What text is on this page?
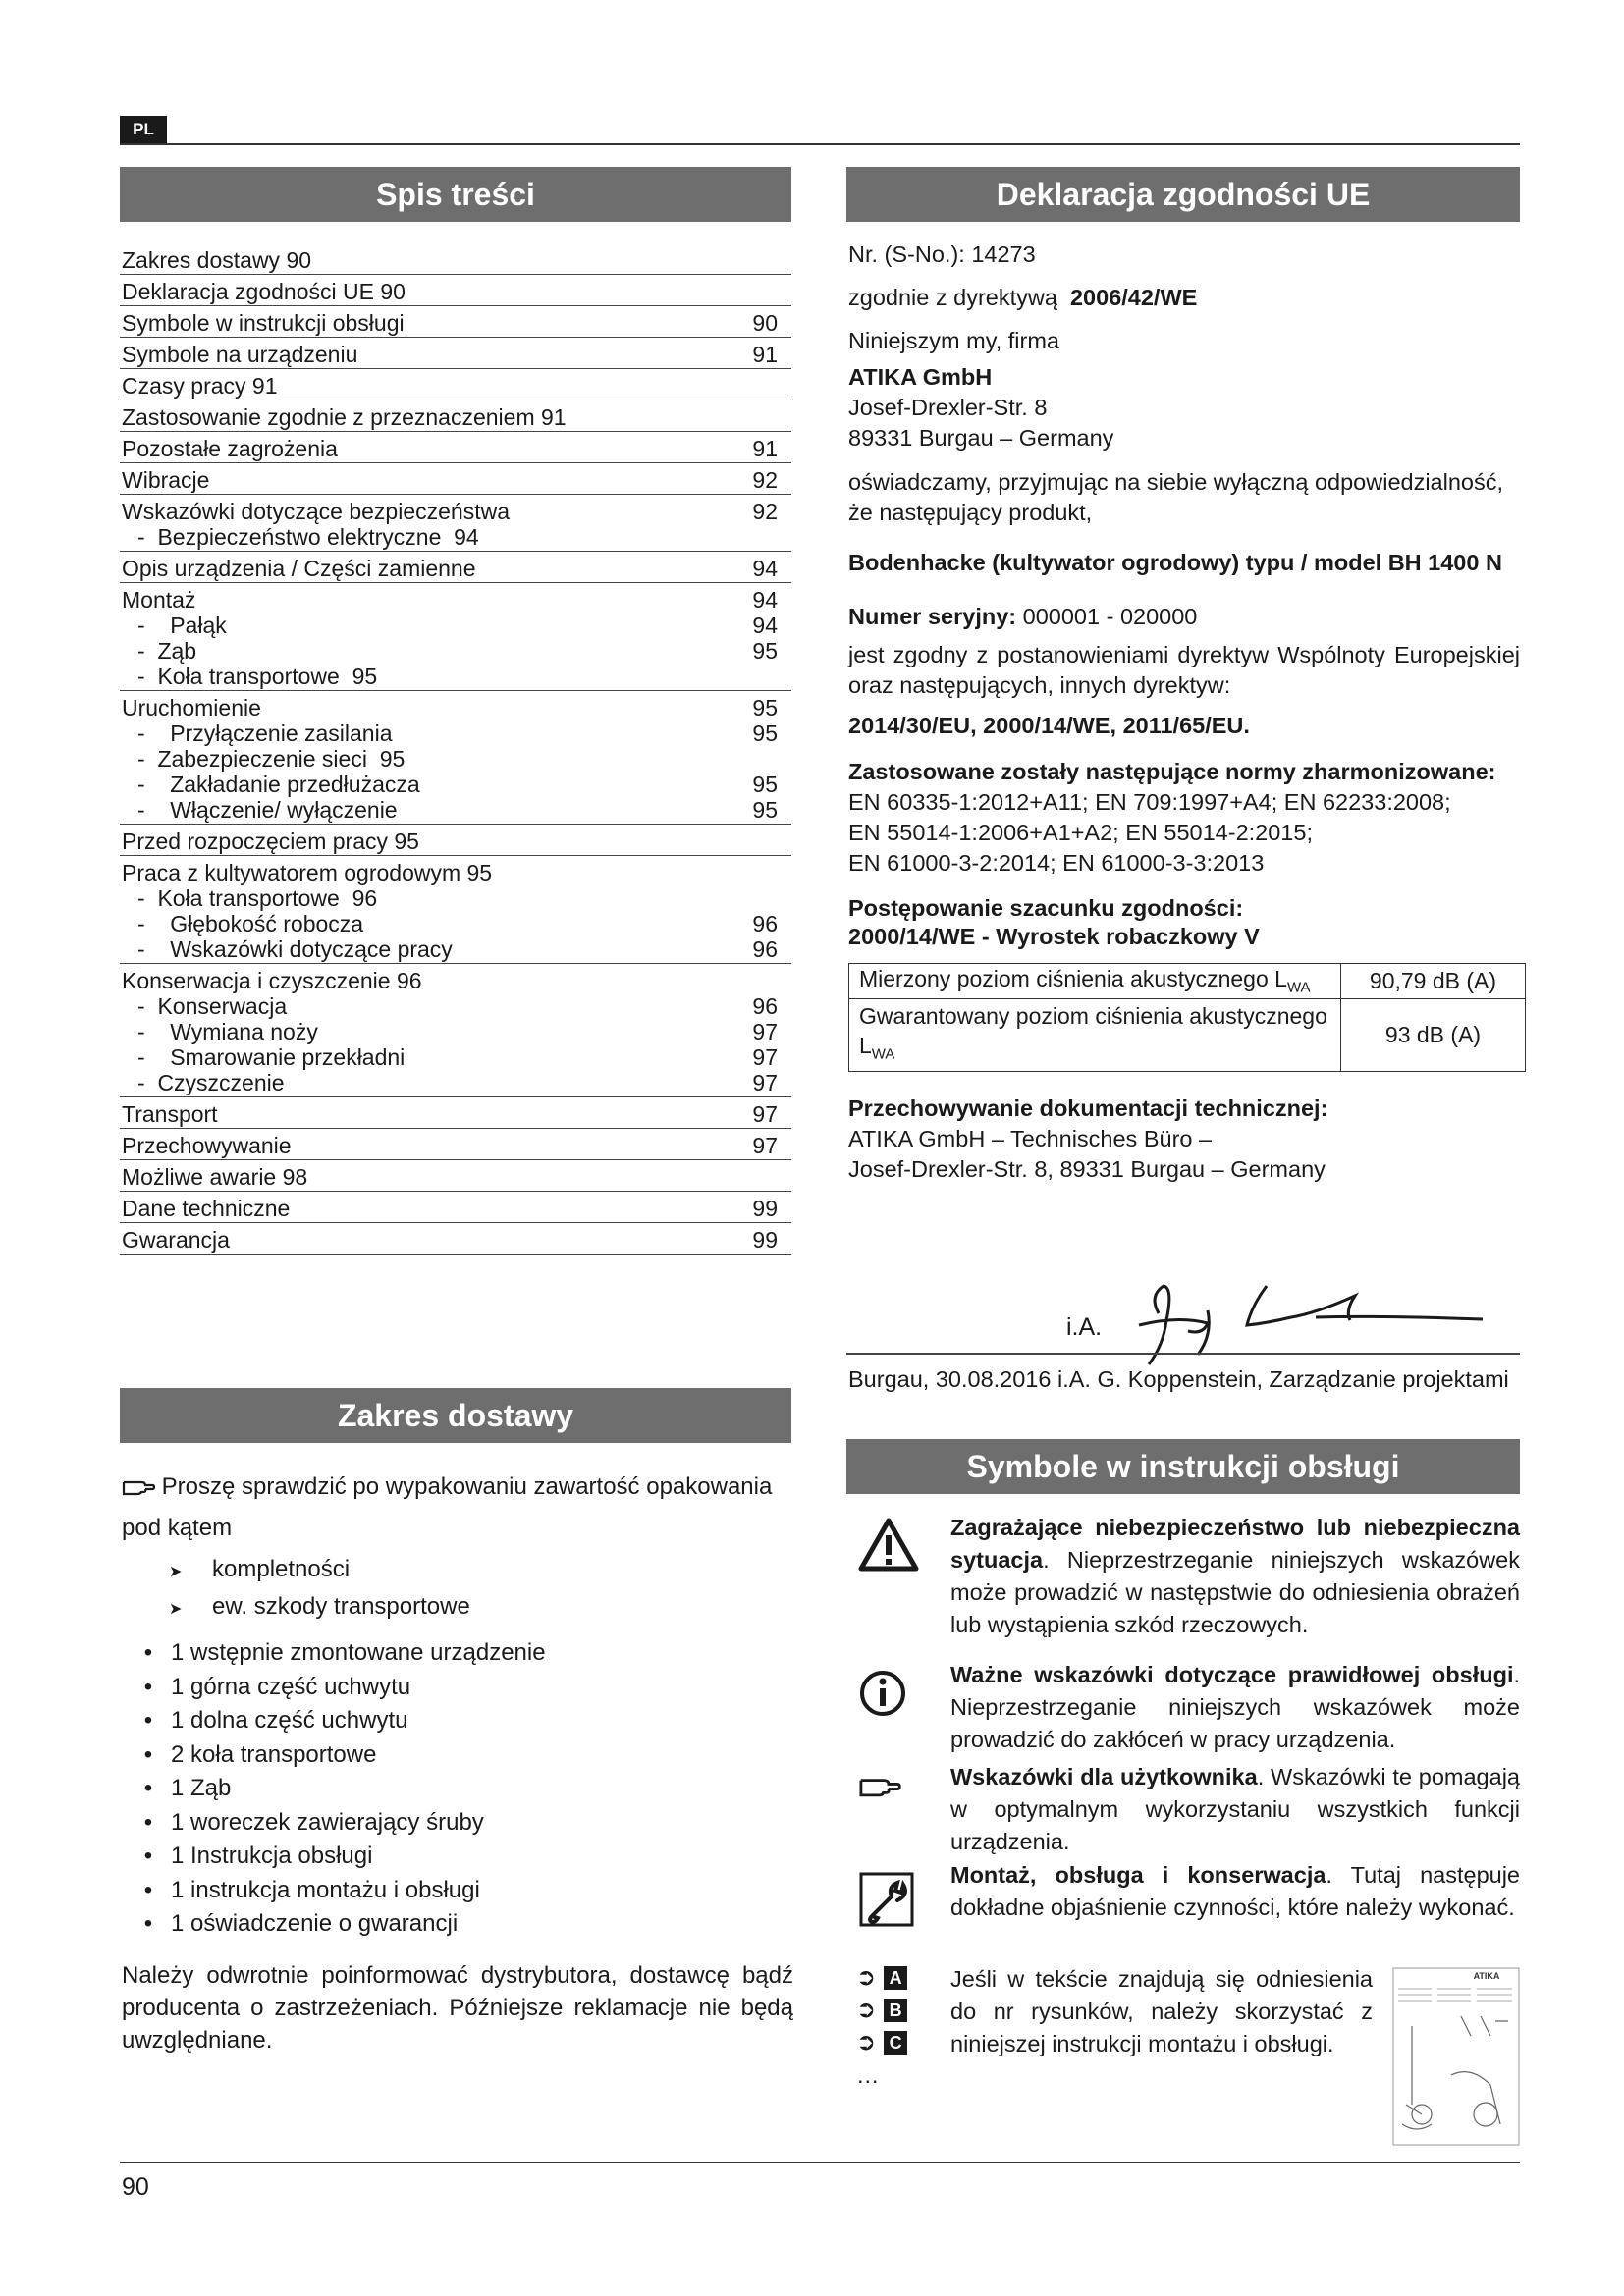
PL
Spis treści
Zakres dostawy 90
Deklaracja zgodności UE 90
Symbole w instrukcji obsługi	90
Symbole na urządzeniu	91
Czasy pracy 91
Zastosowanie zgodnie z przeznaczeniem 91
Pozostałe zagrożenia	91
Wibracje	92
Wskazówki dotyczące bezpieczeństwa	92
-  Bezpieczeństwo elektryczne  94
Opis urządzenia / Części zamienne	94
Montaż	94
-    Pałąk	94
-  Ząb	95
-  Koła transportowe  95
Uruchomienie	95
-    Przyłączenie zasilania	95
-  Zabezpieczenie sieci  95
-    Zakładanie przedłużacza	95
-    Włączenie/ wyłączenie	95
Przed rozpoczęciem pracy 95
Praca z kultywatorem ogrodowym 95
-  Koła transportowe  96
-    Głębokość robocza	96
-    Wskazówki dotyczące pracy	96
Konserwacja i czyszczenie 96
-  Konserwacja	96
-    Wymiana noży	97
-    Smarowanie przekładni	97
-  Czyszczenie	97
Transport	97
Przechowywanie	97
Możliwe awarie 98
Dane techniczne	99
Gwarancja	99
Zakres dostawy
Proszę sprawdzić po wypakowaniu zawartość opakowania
pod kątem
➤ kompletności
➤ ew. szkody transportowe
• 1 wstępnie zmontowane urządzenie
• 1 górna część uchwytu
• 1 dolna część uchwytu
• 2 koła transportowe
• 1 Ząb
• 1 woreczek zawierający śruby
• 1 Instrukcja obsługi
• 1 instrukcja montażu i obsługi
• 1 oświadczenie o gwarancji
Należy odwrotnie poinformować dystrybutora, dostawcę bądź producenta o zastrzeżeniach. Późniejsze reklamacje nie będą uwzględniane.
Deklaracja zgodności UE
Nr. (S-No.): 14273
zgodnie z dyrektywą 2006/42/WE
Niniejszym my, firma
ATIKA GmbH
Josef-Drexler-Str. 8
89331 Burgau – Germany
oświadczamy, przyjmując na siebie wyłączną odpowiedzialność,
że następujący produkt,
Bodenhacke (kultywator ogrodowy) typu / model BH 1400 N
Numer seryjny: 000001 - 020000
jest zgodny z postanowieniami dyrektyw Wspólnoty Europejskiej oraz następujących, innych dyrektyw:
2014/30/EU, 2000/14/WE, 2011/65/EU.
Zastosowane zostały następujące normy zharmonizowane:
EN 60335-1:2012+A11; EN 709:1997+A4; EN 62233:2008;
EN 55014-1:2006+A1+A2; EN 55014-2:2015;
EN 61000-3-2:2014; EN 61000-3-3:2013
Postępowanie szacunku zgodności:
2000/14/WE - Wyrostek robaczkowy V
Mierzony poziom ciśnienia akustycznego $L_{WA}$	90,79 dB (A)
Gwarantowany poziom ciśnienia akustycznego $L_{WA}$	93 dB (A)
Przechowywanie dokumentacji technicznej:
ATIKA GmbH – Technisches Büro –
Josef-Drexler-Str. 8, 89331 Burgau – Germany
i.A.
Burgau, 30.08.2016 i.A. G. Koppenstein, Zarządzanie projektami
Symbole w instrukcji obsługi
Zagrażające niebezpieczeństwo lub niebezpieczna sytuacja. Nieprzestrzeganie niniejszych wskazówek może prowadzić w następstwie do odniesienia obrażeń lub wystąpienia szkód rzeczowych.
Ważne wskazówki dotyczące prawidłowej obsługi. Nieprzestrzeganie niniejszych wskazówek może prowadzić do zakłóceń w pracy urządzenia.
Wskazówki dla użytkownika. Wskazówki te pomagają w optymalnym wykorzystaniu wszystkich funkcji urządzenia.
Montaż, obsługa i konserwacja. Tutaj następuje dokładne objaśnienie czynności, które należy wykonać.
➲ A
➲ B
➲ C
…
Jeśli w tekście znajdują się odniesienia do nr rysunków, należy skorzystać z niniejszej instrukcji montażu i obsługi.
ATIKA
90
